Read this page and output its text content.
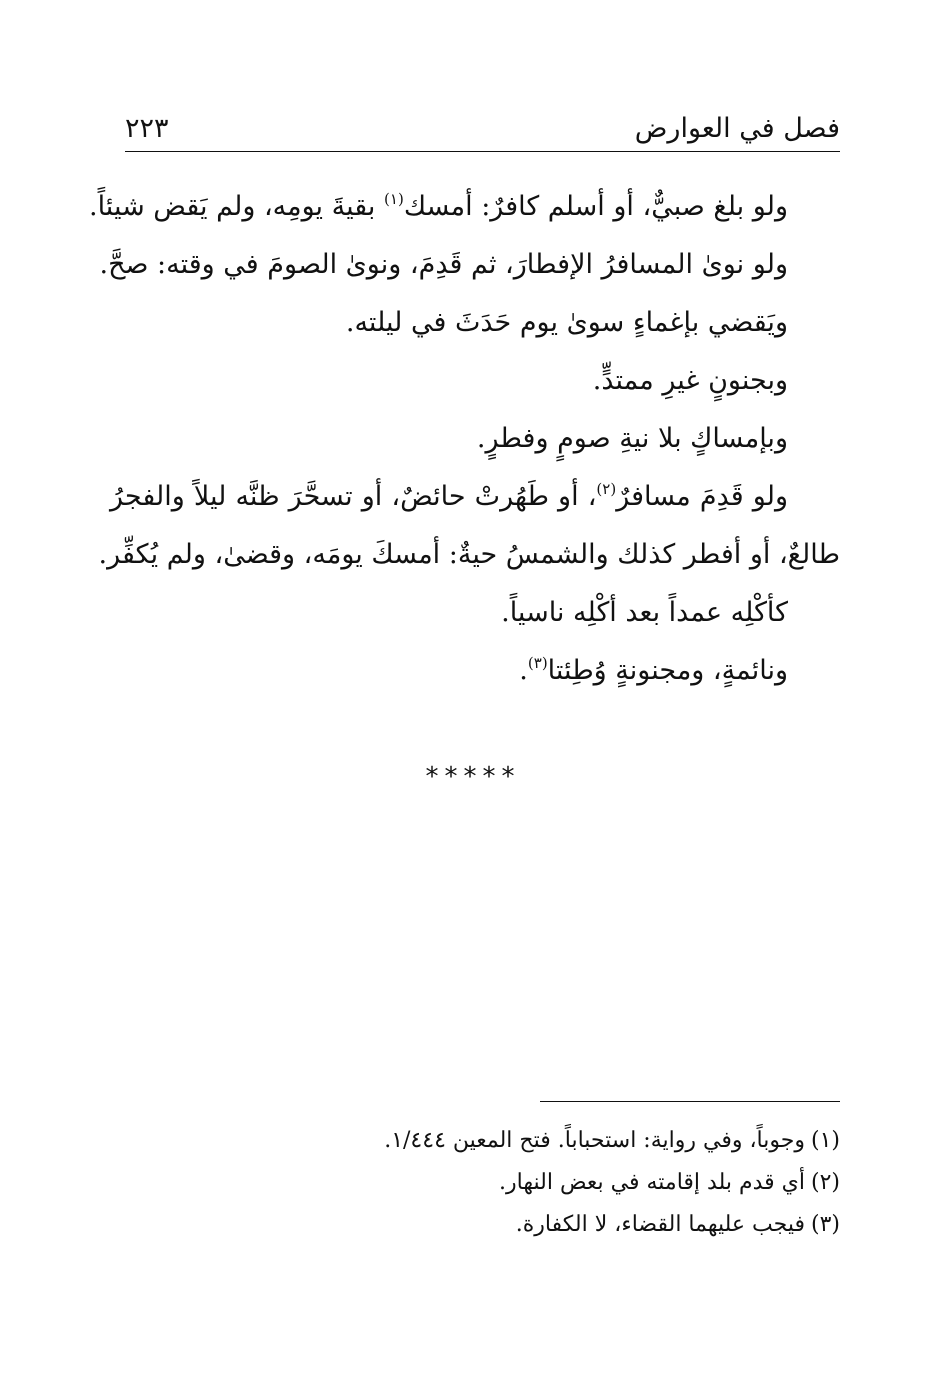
فصل في العوارض
٢٢٣
ولو بلغ صبيٌّ، أو أسلم كافرٌ: أمسك$^{(١)}$ بقيةَ يومِه، ولم يَقض شيئاً.
ولو نوىٰ المسافرُ الإفطارَ، ثم قَدِمَ، ونوىٰ الصومَ في وقته: صحَّ.
ويَقضي بإغماءٍ سوىٰ يوم حَدَثَ في ليلته.
وبجنونٍ غيرِ ممتدٍّ.
وبإمساكٍ بلا نيةِ صومٍ وفطرٍ.
ولو قَدِمَ مسافرٌ$^{(٢)}$، أو طَهُرتْ حائضٌ، أو تسحَّرَ ظنَّه ليلاً والفجرُ
طالعٌ، أو أفطر كذلك والشمسُ حيةٌ: أمسكَ يومَه، وقضىٰ، ولم يُكفِّر.
كأكْلِه عمداً بعد أكْلِه ناسياً.
ونائمةٍ، ومجنونةٍ وُطِئتا$^{(٣)}$.
*****
(١)وجوباً، وفي رواية: استحباباً. فتح المعين ١/٤٤٤.
(٢)أي قدم بلد إقامته في بعض النهار.
(٣)فيجب عليهما القضاء، لا الكفارة.
